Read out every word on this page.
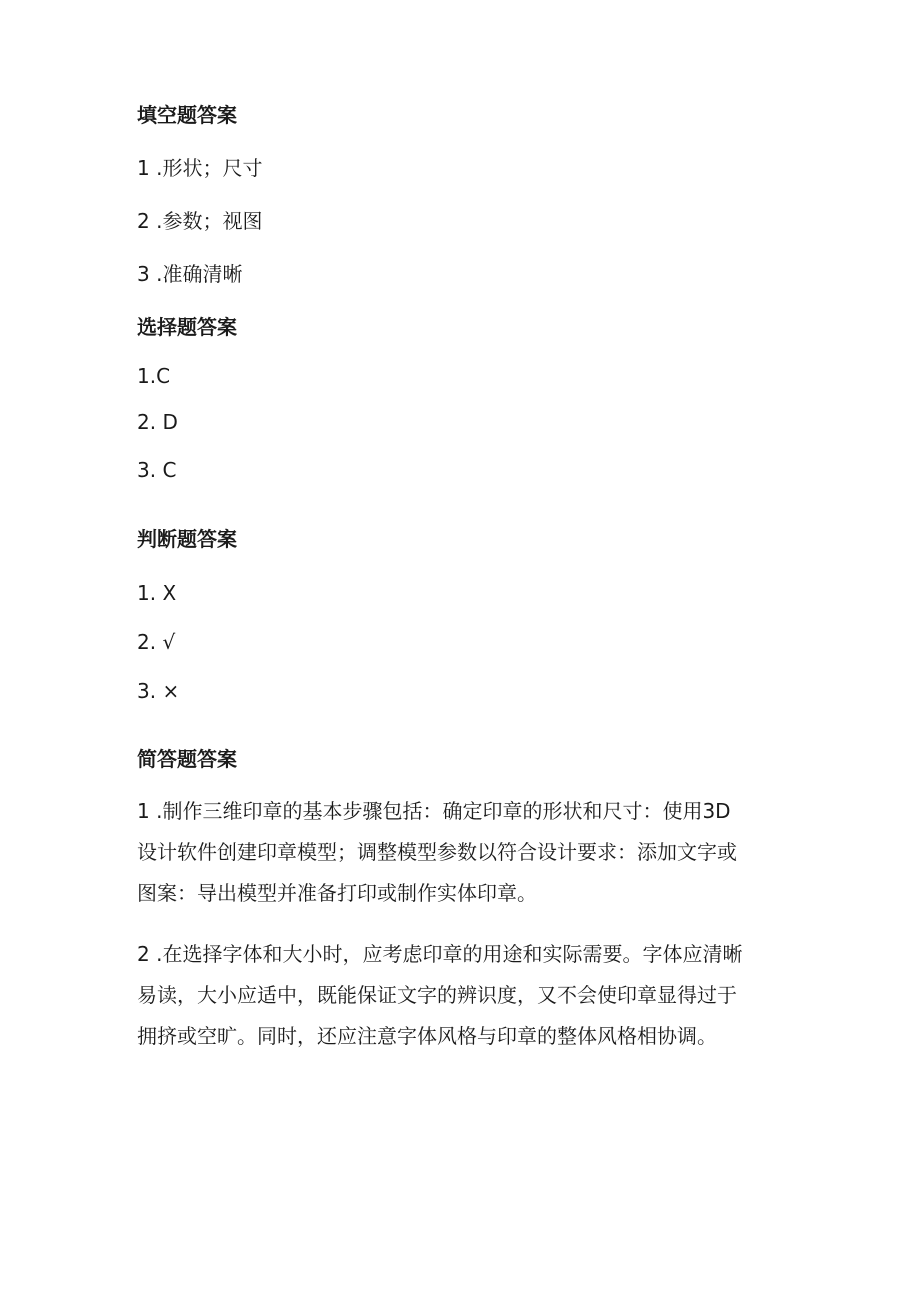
填空题答案

1 .形状；尺寸

2 .参数；视图

3 .准确清晰

选择题答案

1.C

2. D

3. C

判断题答案

1. X

2. √

3. ×

简答题答案

1 .制作三维印章的基本步骤包括：确定印章的形状和尺寸：使用3D
设计软件创建印章模型；调整模型参数以符合设计要求：添加文字或
图案：导出模型并准备打印或制作实体印章。

2 .在选择字体和大小时，应考虑印章的用途和实际需要。字体应清晰
易读，大小应适中，既能保证文字的辨识度，又不会使印章显得过于
拥挤或空旷。同时，还应注意字体风格与印章的整体风格相协调。
